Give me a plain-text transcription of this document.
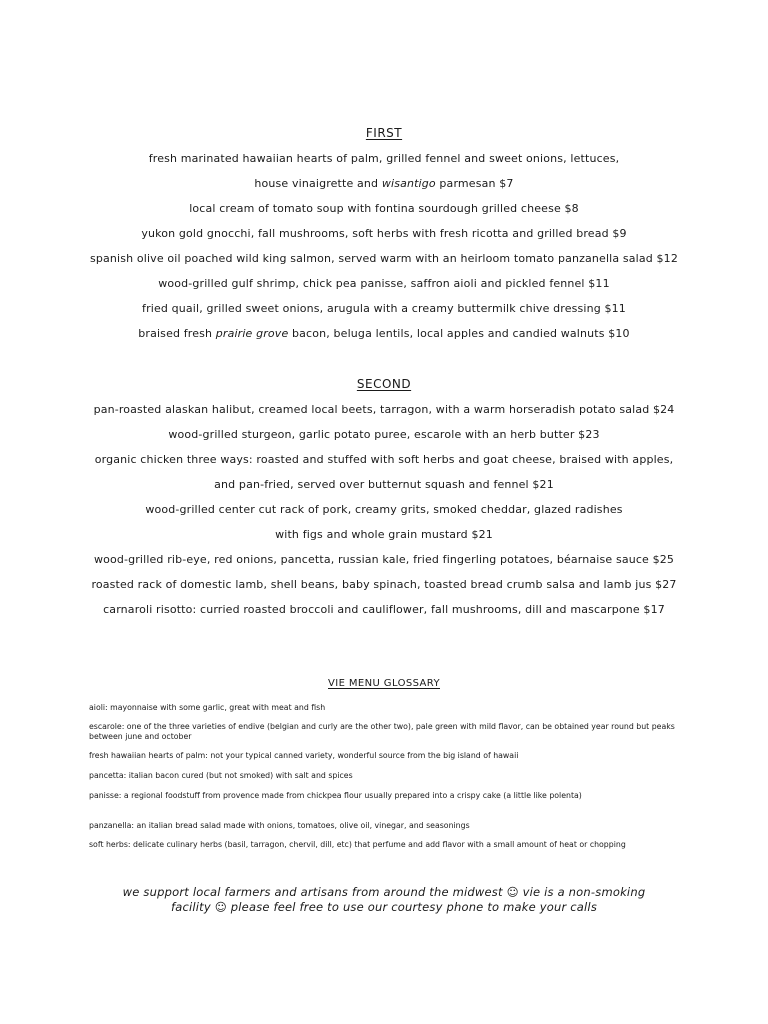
FIRST
fresh marinated hawaiian hearts of palm, grilled fennel and sweet onions, lettuces,
house vinaigrette and wisantigo parmesan $7
local cream of tomato soup with fontina sourdough grilled cheese $8
yukon gold gnocchi, fall mushrooms, soft herbs with fresh ricotta and grilled bread $9
spanish olive oil poached wild king salmon, served warm with an heirloom tomato panzanella salad $12
wood-grilled gulf shrimp, chick pea panisse, saffron aioli and pickled fennel $11
fried quail, grilled sweet onions, arugula with a creamy buttermilk chive dressing $11
braised fresh prairie grove bacon, beluga lentils, local apples and candied walnuts $10
SECOND
pan-roasted alaskan halibut, creamed local beets, tarragon, with a warm horseradish potato salad $24
wood-grilled sturgeon, garlic potato puree, escarole with an herb butter $23
organic chicken three ways: roasted and stuffed with soft herbs and goat cheese, braised with apples,
and pan-fried, served over butternut squash and fennel $21
wood-grilled center cut rack of pork, creamy grits, smoked cheddar, glazed radishes
with figs and whole grain mustard $21
wood-grilled rib-eye, red onions, pancetta, russian kale, fried fingerling potatoes, béarnaise sauce $25
roasted rack of domestic lamb, shell beans, baby spinach, toasted bread crumb salsa and lamb jus $27
carnaroli risotto: curried roasted broccoli and cauliflower, fall mushrooms, dill and mascarpone $17
VIE MENU GLOSSARY
aioli: mayonnaise with some garlic, great with meat and fish
escarole: one of the three varieties of endive (belgian and curly are the other two), pale green with mild flavor, can be obtained year round but peaks between june and october
fresh hawaiian hearts of palm: not your typical canned variety, wonderful source from the big island of hawaii
pancetta: italian bacon cured (but not smoked) with salt and spices
panisse: a regional foodstuff from provence made from chickpea flour usually prepared into a crispy cake (a little like polenta)
panzanella: an italian bread salad made with onions, tomatoes, olive oil, vinegar, and seasonings
soft herbs: delicate culinary herbs (basil, tarragon, chervil, dill, etc) that perfume and add flavor with a small amount of heat or chopping
we support local farmers and artisans from around the midwest ☺ vie is a non-smoking
facility ☺ please feel free to use our courtesy phone to make your calls
